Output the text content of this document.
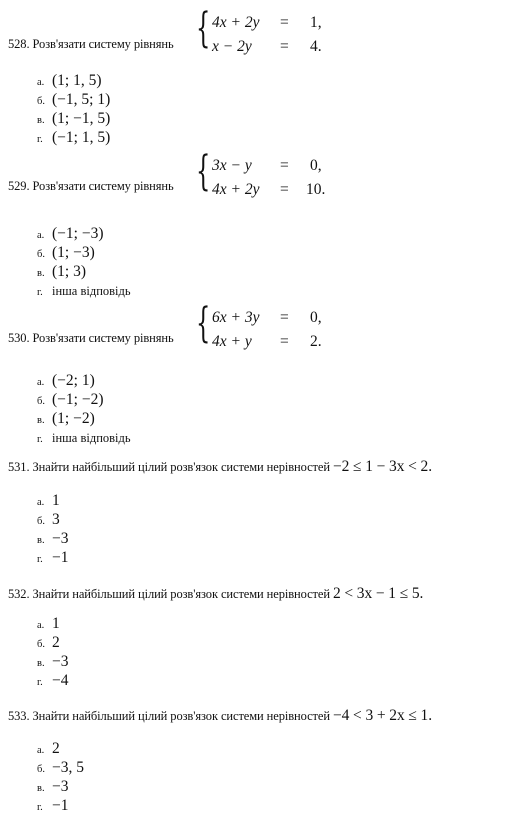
528. Розв'язати систему рівнянь { 4x + 2y = 1,
x − 2y = 4.
а. (1; 1, 5)
б. (−1, 5; 1)
в. (1; −1, 5)
г. (−1; 1, 5)
529. Розв'язати систему рівнянь { 3x − y = 0,
4x + 2y = 10.
а. (−1; −3)
б. (1; −3)
в. (1; 3)
г. інша відповідь
530. Розв'язати систему рівнянь { 6x + 3y = 0,
4x + y = 2.
а. (−2; 1)
б. (−1; −2)
в. (1; −2)
г. інша відповідь
531. Знайти найбільший цілий розв'язок системи нерівностей −2 ≤ 1 − 3x < 2.
а. 1
б. 3
в. −3
г. −1
532. Знайти найбільший цілий розв'язок системи нерівностей 2 < 3x − 1 ≤ 5.
а. 1
б. 2
в. −3
г. −4
533. Знайти найбільший цілий розв'язок системи нерівностей −4 < 3 + 2x ≤ 1.
а. 2
б. −3, 5
в. −3
г. −1
